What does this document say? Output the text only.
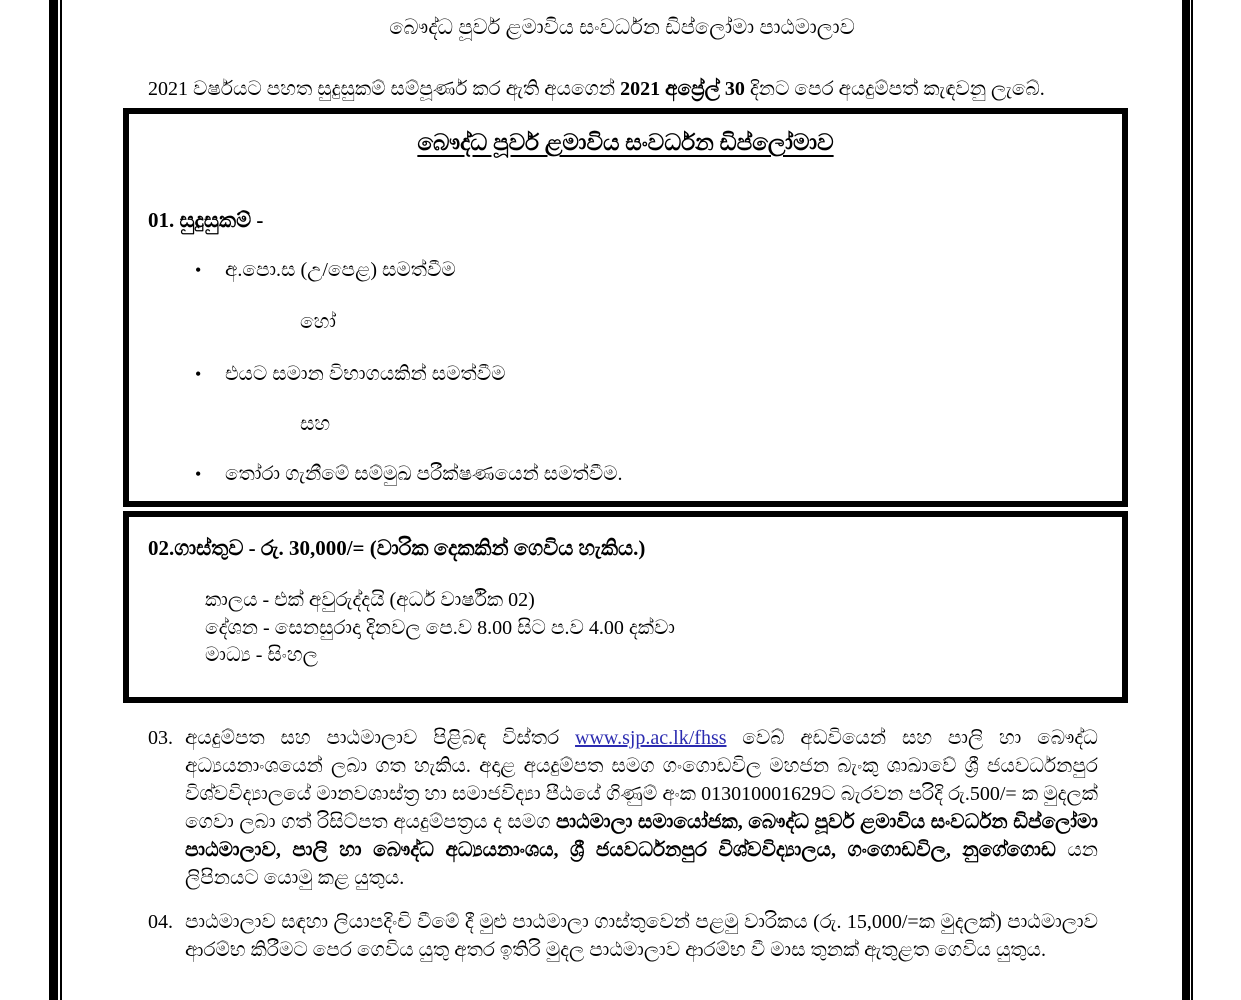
බෞද්ධ පූර්ව ළමාවිය සංවර්ධන ඩිප්ලෝමා පාඨමාලාව

2021 වර්ෂයට පහත සුදුසුකම් සම්පූර්ණ කර ඇති අයගෙන් 2021 අප්‍රේල් 30 දිනට පෙර අයදුම්පත් කැඳවනු ලැබේ.

බෞද්ධ පූර්ව ළමාවිය සංවර්ධන ඩිප්ලෝමාව
01. සුදුසුකම් -
•	අ.පො.ස (උ/පෙළ) සමත්වීම
හෝ
•	එයට සමාන විභාගයකින් සමත්වීම
සහ
•	තෝරා ගැනීමේ සම්මුඛ පරීක්ෂණයෙන් සමත්වීම.
02.ගාස්තුව - රු. 30,000/= (වාරික දෙකකින් ගෙවිය හැකිය.)
කාලය - එක් අවුරුද්දයි (අර්ධ වාර්ෂික 02)
දේශන - සෙනසුරාදා දිනවල පෙ.ව 8.00 සිට ප.ව 4.00 දක්වා
මාධ්‍ය - සිංහල
03. අයදුම්පත සහ පාඨමාලාව පිළිබඳ විස්තර www.sjp.ac.lk/fhss වෙබ් අඩවියෙන් සහ පාලි හා බෞද්ධ අධ්‍යයනාංශයෙන් ලබා ගත හැකිය. අදාළ අයදුම්පත සමග ගංගොඩවිල මහජන බැංකු ශාඛාවේ ශ්‍රී ජයවර්ධනපුර විශ්වවිද්‍යාලයේ මානවශාස්ත්‍ර හා සමාජවිද්‍යා පීඨයේ ගිණුම් අංක 013010001629ට බැරවන පරිදි රු.500/= ක මුදලක් ගෙවා ලබා ගත් රිසිට්පත අයදුම්පත්‍රය ද සමග පාඨමාලා සමායෝජක, බෞද්ධ පූර්ව ළමාවිය සංවර්ධන ඩිප්ලෝමා පාඨමාලාව, පාලි හා බෞද්ධ අධ්‍යයනාංශය, ශ්‍රී ජයවර්ධනපුර විශ්වවිද්‍යාලය, ගංගොඩවිල, නුගේගොඩ යන ලිපිනයට යොමු කළ යුතුය.
04. පාඨමාලාව සඳහා ලියාපදිංචි වීමේ දී මුළු පාඨමාලා ගාස්තුවෙන් පළමු වාරිකය (රු. 15,000/=ක මුදලක්) පාඨමාලාව ආරම්භ කිරීමට පෙර ගෙවිය යුතු අතර ඉතිරි මුදල පාඨමාලාව ආරම්භ වී මාස තුනක් ඇතුළත ගෙවිය යුතුය.
